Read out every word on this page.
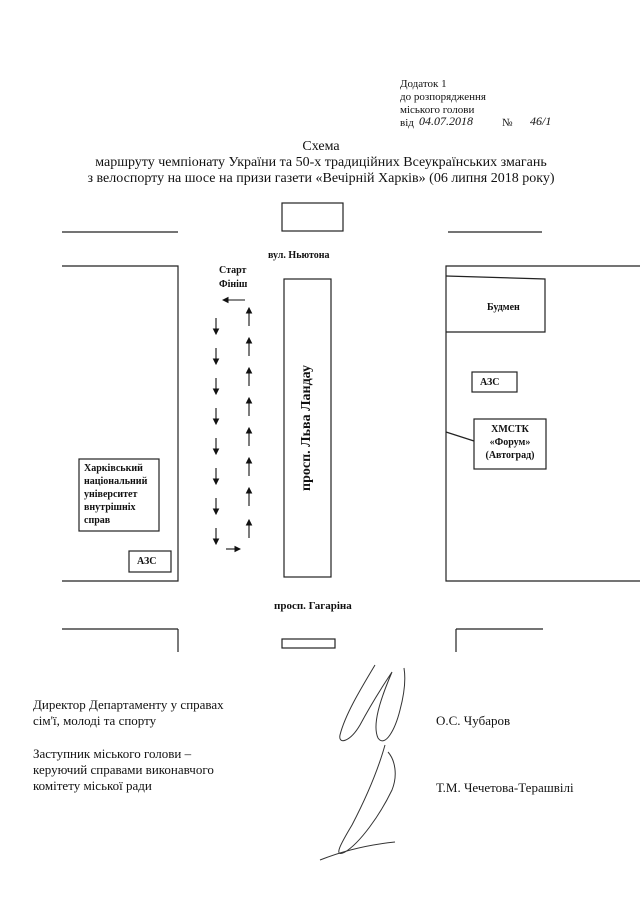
Додаток 1
до розпорядження
міського голови
від 04.07.2018	№ 46/1
Схема
маршруту чемпіонату України та 50-х традиційних Всеукраїнських змагань
з велоспорту на шосе на призи газети «Вечірній Харків» (06 липня 2018 року)
вул. Ньютона
Старт
Фініш
просп. Льва Ландау
просп. Гагаріна
Харківський
національний
університет
внутрішніх
справ
АЗС
Будмен
АЗС
ХМСТК
«Форум»
(Автоград)
Директор Департаменту у справах
сім'ї, молоді та спорту	О.С. Чубаров
Заступник міського голови –
керуючий справами виконавчого
комітету міської ради	Т.М. Чечетова-Терашвілі
